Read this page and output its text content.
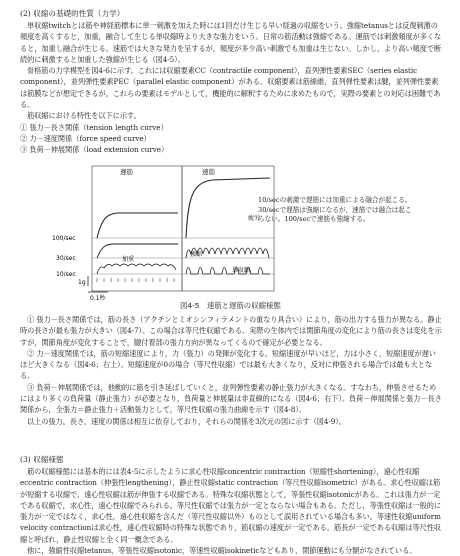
(2) 収縮の基礎的性質（力学）

単収縮twitchとは筋や神経筋標本に単一刺激を加えた時には1回だけ生じる早い経過の収縮をいう。強縮tetanusとは反復刺激の頻度を高くすると，加重，融合して生じる単収縮時より大きな張力をいう。日常の筋活動は強縮である。運筋では刺激頻度が多くなると，加重し融合が生じる。速筋では大きな発力を呈するが，頻度が多少高い刺激でも加重は生じない。しかし，より高い頻度で断続的に刺激すると加重した強縮が生じる（図4-5）。

骨格筋の力学模型を図4-6に示す。これには収縮要素CC（contractile component），直列弾性要素SEC（series elastic component），並列弾性要素PEC（parallel elastic component）がある。収縮要素は筋線維，直列弾性要素は腱，並列弾性要素は筋膜などが想定できるが，これらの要素はモデルとして，機能的に解釈するために求めたもので，実際の要素との対応は困難である。

筋収縮における特性を以下に示す。

① 張力－長さ関係（tension length curve）

② 力－速度関係（force speed curve）

③ 負荷－伸展関係（load extension curve）

遅筋	速筋
疲労
強縮
加重
単収縮
100/sec
30/sec
10/sec
1g
0.1秒
10/secの刺激で遅筋には加重による融合が起こる。30/secで遅筋は強縮になるが，速筋では融合は起こらない。100/secで速筋も強縮する。
図4-5　速筋と遅筋の収縮様態

① 張力－長さ関係では，筋の長さ（アクチンとミオシンフィラメントの重なり具合い）により，筋の出力する張力が異なる。静止時の長さが最も張力が大きい（図4-7）。この場合は等尺性収縮である。実際の生体内では関節角度の変化により筋の長さは変化を示すが，関節角度が変化することで，腱付着部の張力方向が異なってくるので確定が必要となる。

② 力－速度関係では，筋の短縮速度により，力（張力）の発揮が変化する。短縮速度が早いほど，力は小さく，短縮速度が遅いほど大きくなる（図4-6；右上）。短縮速度が0の場合（等尺性収縮）では最も大きくなり，反対に伸張される場合では最も大となる。

③ 負荷－伸展関係では，他動的に筋を引き延ばしていくと，並列弾性要素の静止張力が大きくなる。すなわち，伸張させるためにはより多くの負荷量（静止張力）が必要となり，負荷量と伸展量は非直線的になる（図4-6；右下）。負荷－伸展関係と張力－長さ関係から，全張力＝静止張力＋活動張力として，等尺性収縮の張力曲線を示す（図4-8）。

以上の張力，長さ，速度の関係は相互に依存しており，それらの関係を3次元の図に示す（図4-9）。

(3) 収縮様態

筋の収縮様態には基本的には表4-5に示したように求心性収縮concentric contraction（短縮性shortening），遠心性収縮eccentric contraction（伸張性lengthening），静止性収縮static contraction（等尺性収縮isometric）がある。求心性収縮は筋が短縮する収縮で，遠心性収縮は筋が伸張する収縮である。特殊な収縮状態として，等張性収縮isotonicがある。これは張力が一定である収縮で，求心性，遠心性収縮でみられる。等尺性収縮では張力が一定とならない場合もある。ただし，等張性収縮は一般的に張力が一定ではなく，求心性，遠心性収縮を含んだ（等尺性収縮以外）ものとして誤用されている場合も多い。等速性収縮uniform velocity contractionは求心性，遠心性収縮時の特殊な状態であり，筋収縮の速度が一定である。筋長が一定である収縮は等尺性収縮と呼ばれ，静止性収縮と全く同一概念である。

他に，強縮性収縮tetanus，等張性収縮isotonic，等速性収縮isokineticなどもあり，関節運動にも分類がなされている。
